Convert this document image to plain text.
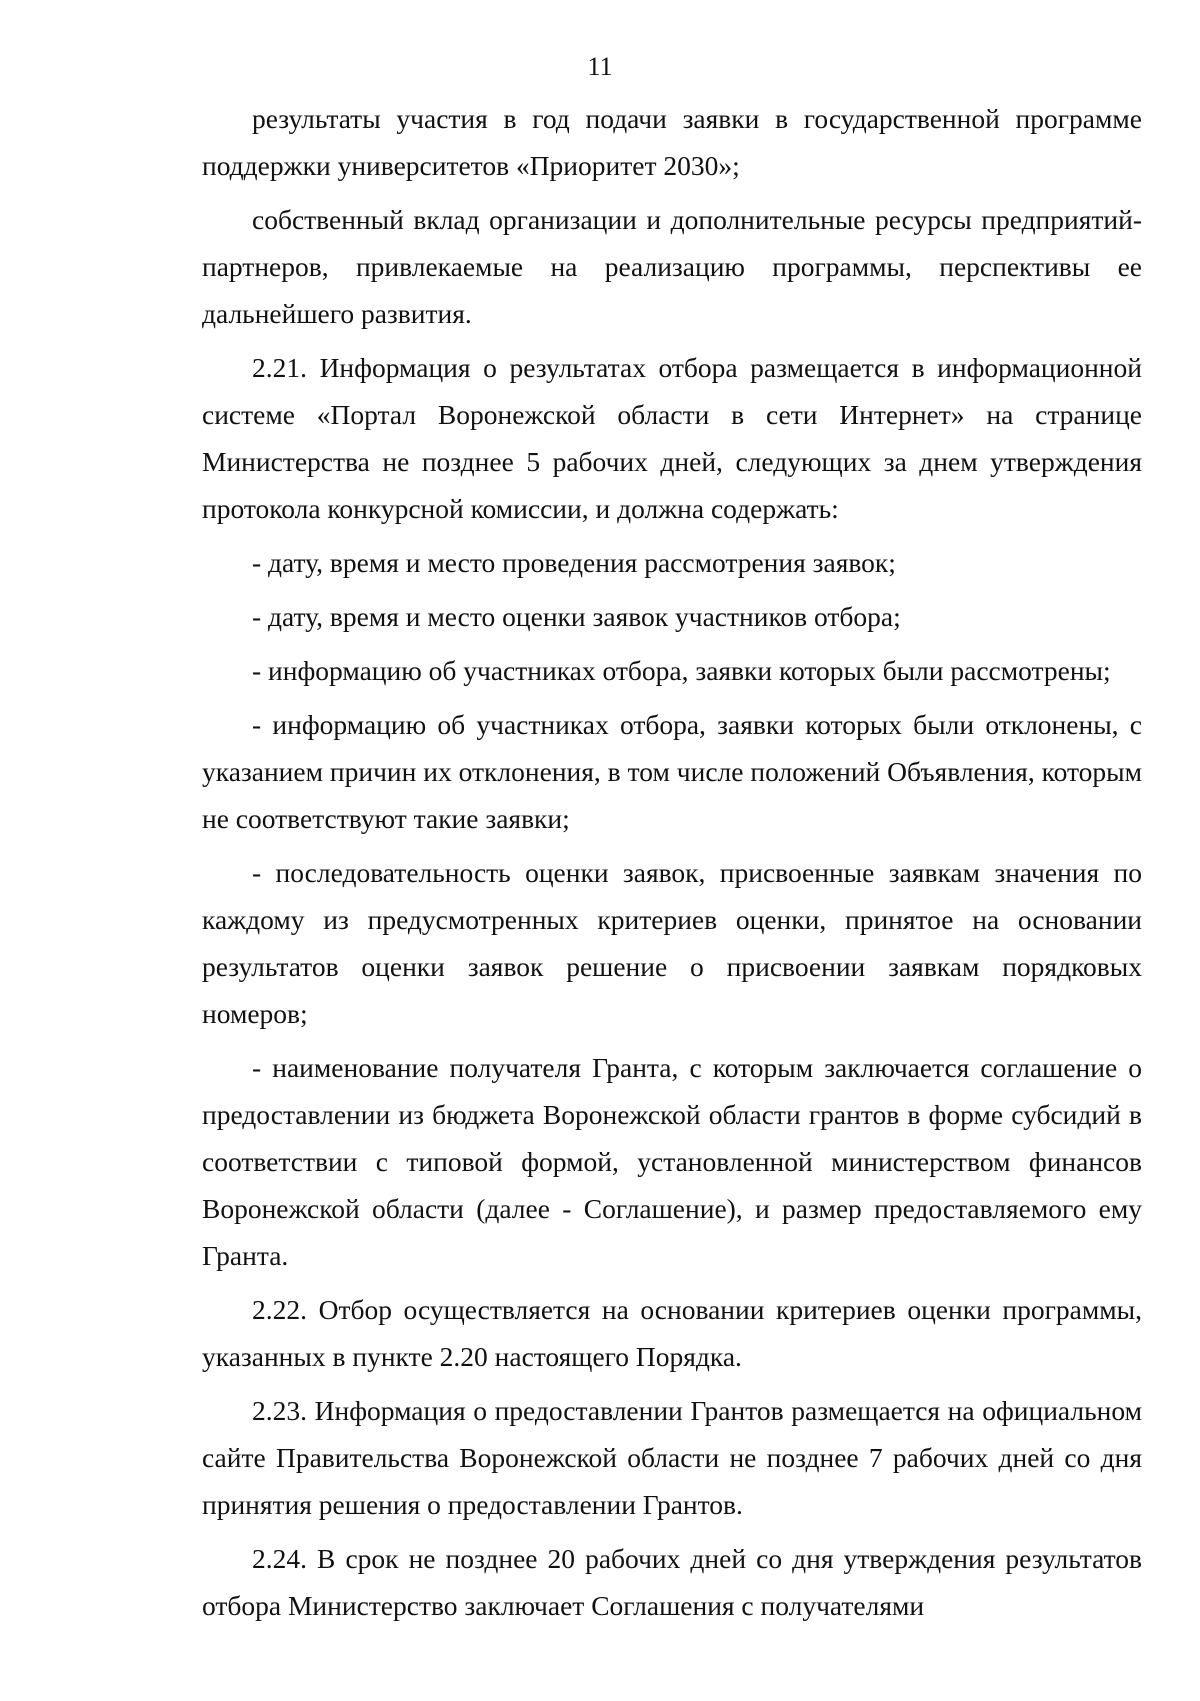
11

результаты участия в год подачи заявки в государственной программе поддержки университетов «Приоритет 2030»;

собственный вклад организации и дополнительные ресурсы предприятий-партнеров, привлекаемые на реализацию программы, перспективы ее дальнейшего развития.

2.21. Информация о результатах отбора размещается в информационной системе «Портал Воронежской области в сети Интернет» на странице Министерства не позднее 5 рабочих дней, следующих за днем утверждения протокола конкурсной комиссии, и должна содержать:

- дату, время и место проведения рассмотрения заявок;

- дату, время и место оценки заявок участников отбора;

- информацию об участниках отбора, заявки которых были рассмотрены;

- информацию об участниках отбора, заявки которых были отклонены, с указанием причин их отклонения, в том числе положений Объявления, которым не соответствуют такие заявки;

- последовательность оценки заявок, присвоенные заявкам значения по каждому из предусмотренных критериев оценки, принятое на основании результатов оценки заявок решение о присвоении заявкам порядковых номеров;

- наименование получателя Гранта, с которым заключается соглашение о предоставлении из бюджета Воронежской области грантов в форме субсидий в соответствии с типовой формой, установленной министерством финансов Воронежской области (далее - Соглашение), и размер предоставляемого ему Гранта.

2.22. Отбор осуществляется на основании критериев оценки программы, указанных в пункте 2.20 настоящего Порядка.

2.23. Информация о предоставлении Грантов размещается на официальном сайте Правительства Воронежской области не позднее 7 рабочих дней со дня принятия решения о предоставлении Грантов.

2.24. В срок не позднее 20 рабочих дней со дня утверждения результатов отбора Министерство заключает Соглашения с получателями
